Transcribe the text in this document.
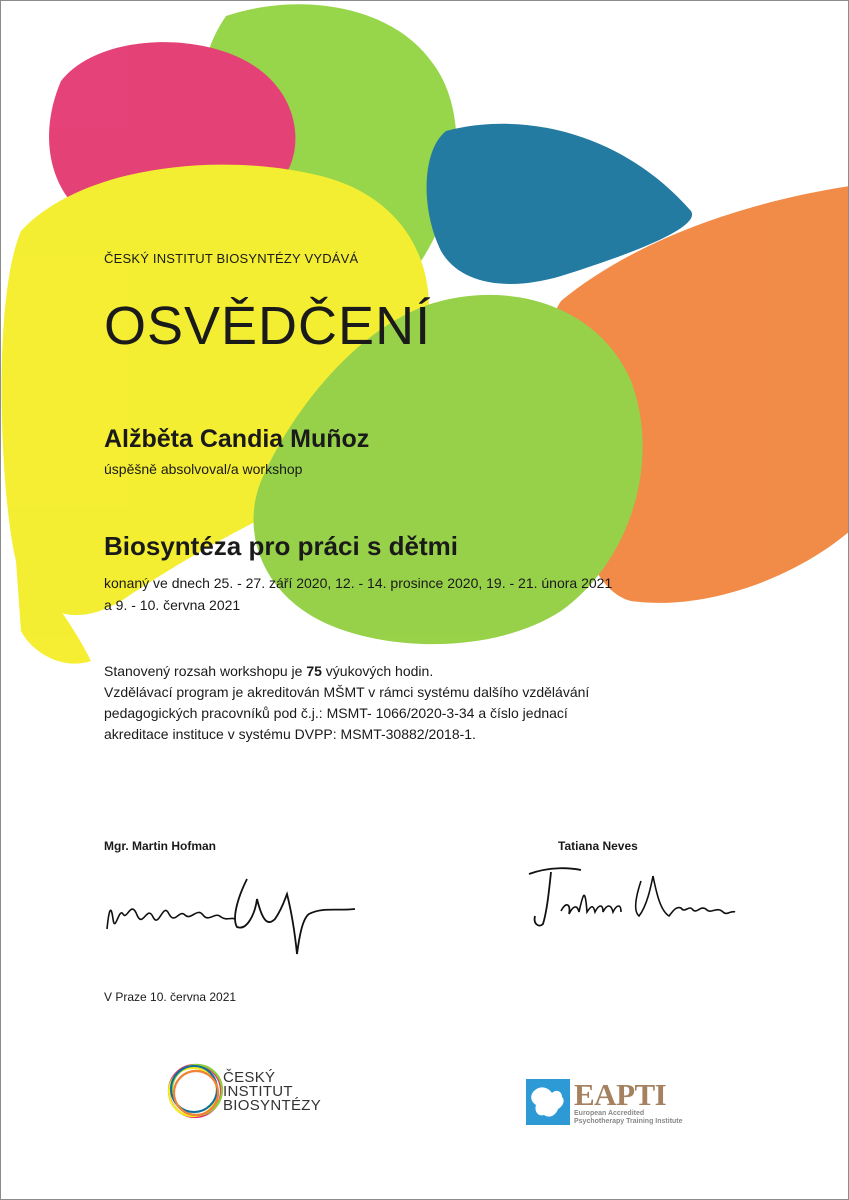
ČESKÝ INSTITUT BIOSYNTÉZY VYDÁVÁ
OSVĚDČENÍ
Alžběta Candia Muñoz
úspěšně absolvoval/a workshop
Biosyntéza pro práci s dětmi
konaný ve dnech 25. - 27. září 2020, 12. - 14. prosince 2020, 19. - 21. února 2021
a 9. - 10. června 2021
Stanovený rozsah workshopu je 75 výukových hodin.
Vzdělávací program je akreditován MŠMT v rámci systému dalšího vzdělávání
pedagogických pracovníků pod č.j.: MSMT- 1066/2020-3-34 a číslo jednací
akreditace instituce v systému DVPP: MSMT-30882/2018-1.
Mgr. Martin Hofman	Tatiana Neves
V Praze 10. června 2021
ČESKÝ
INSTITUT
BIOSYNTÉZY	EAPTI
European Accredited
Psychotherapy Training Institute
